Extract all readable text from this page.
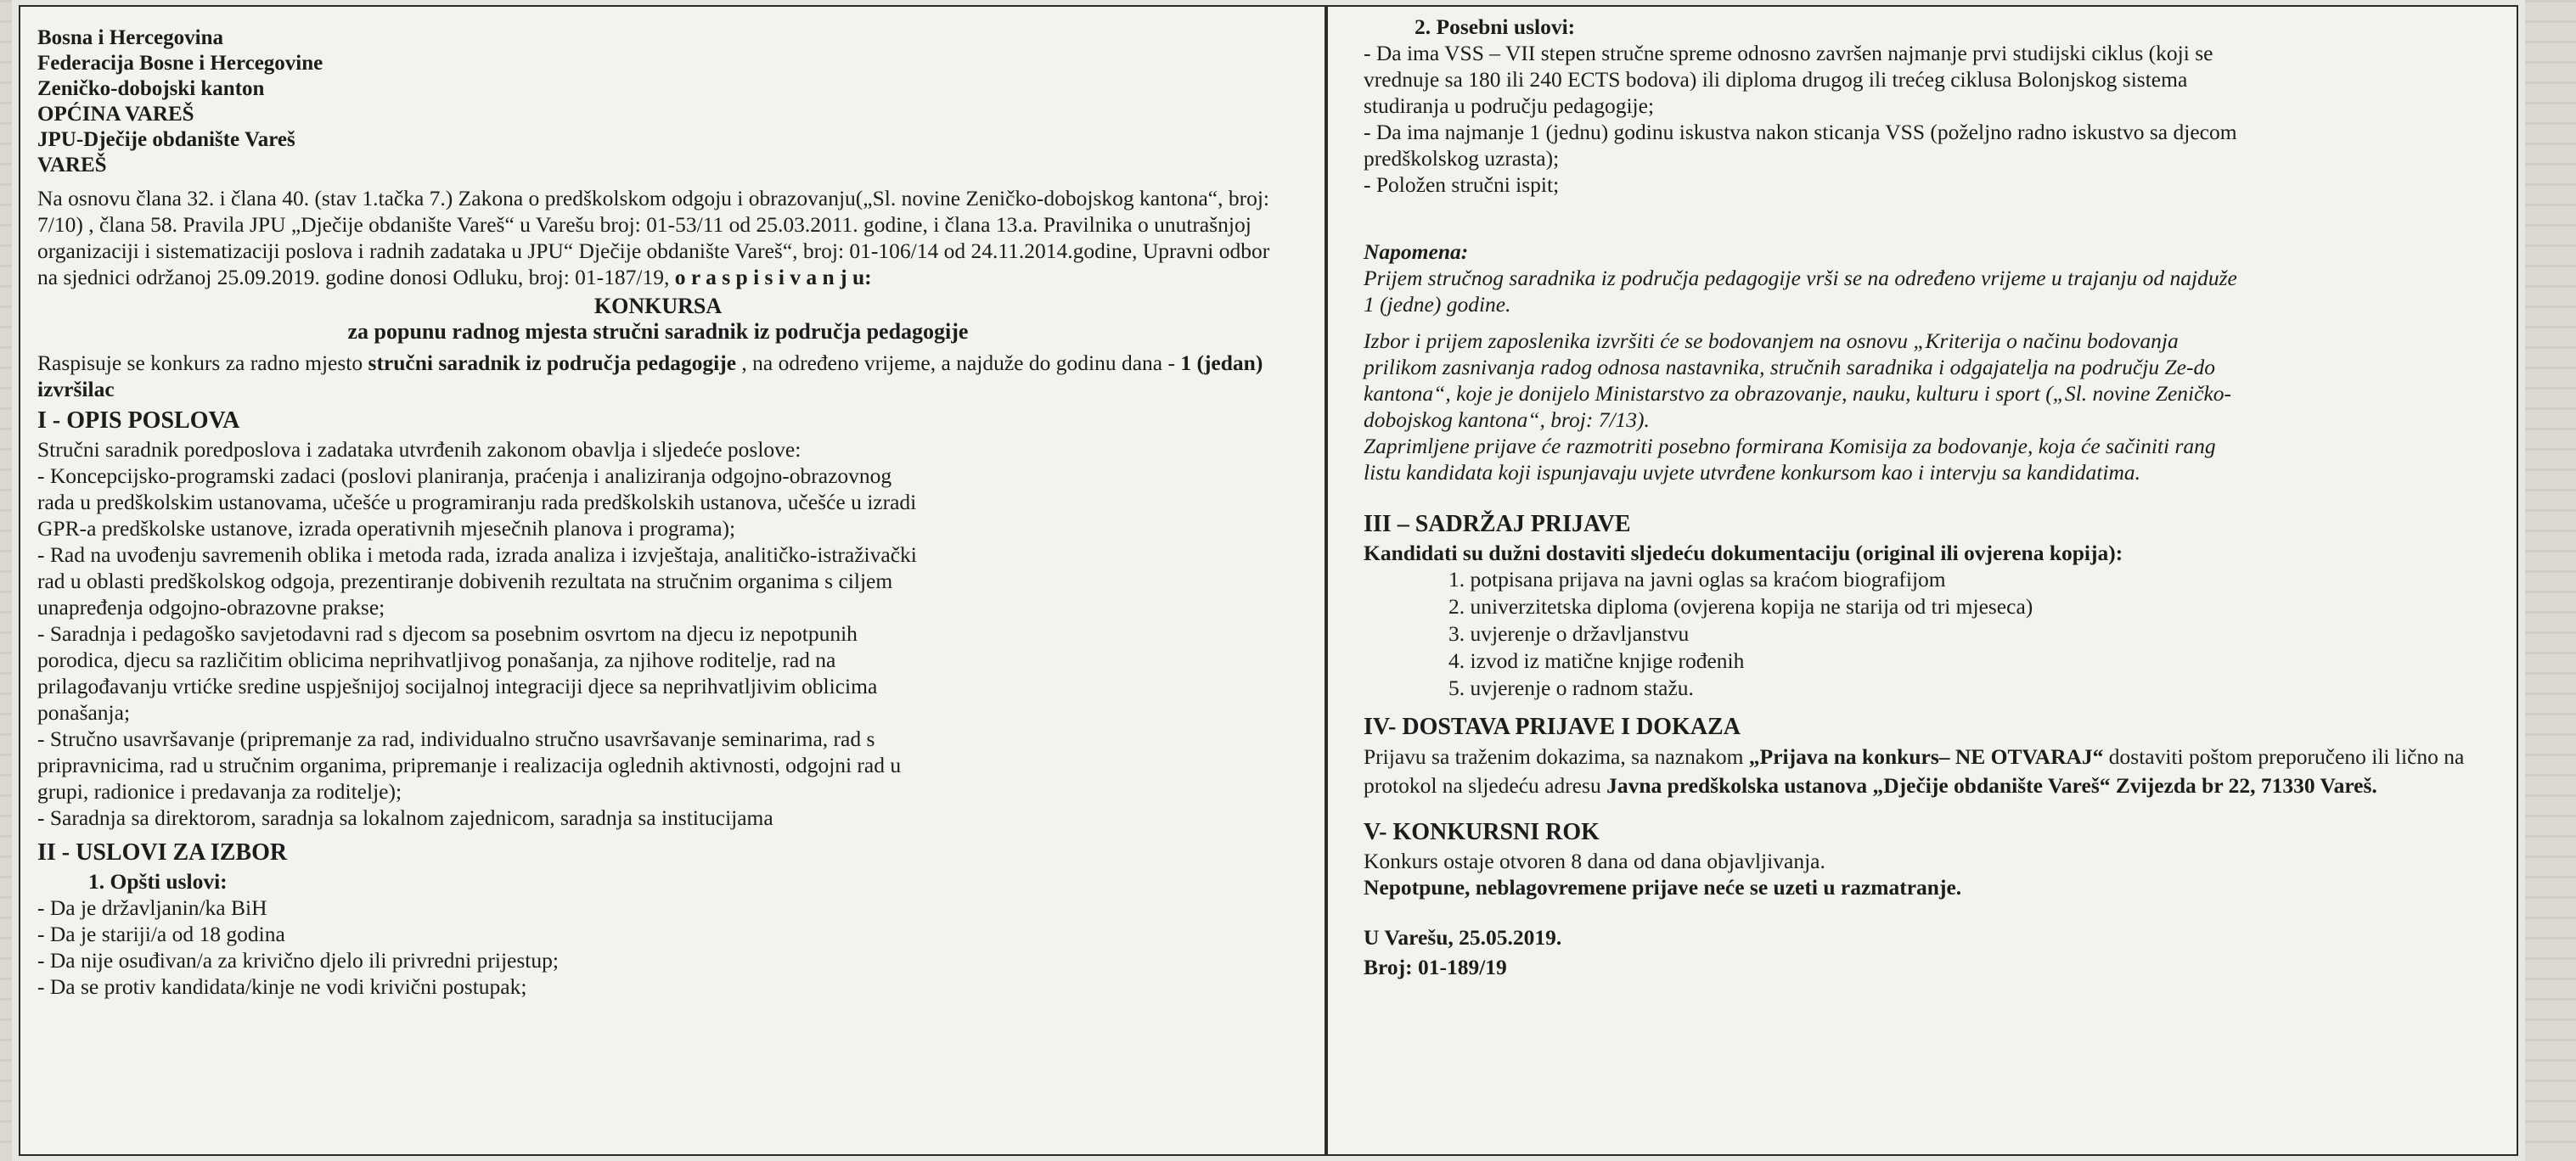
Bosna i Hercegovina

Federacija Bosne i Hercegovine

Zeničko-dobojski kanton

OPĆINA VAREŠ

JPU-Dječije obdanište Vareš

VAREŠ

Na osnovu člana 32. i člana 40. (stav 1.tačka 7.) Zakona o predškolskom odgoju i obrazovanju(„Sl. novine Zeničko-dobojskog kantona“, broj: 7/10) , člana 58. Pravila JPU „Dječije obdanište Vareš“ u Varešu broj: 01-53/11 od 25.03.2011. godine, i člana 13.a. Pravilnika o unutrašnjoj organizaciji i sistematizaciji poslova i radnih zadataka u JPU“ Dječije obdanište Vareš“, broj: 01-106/14 od 24.11.2014.godine, Upravni odbor na sjednici održanoj 25.09.2019. godine donosi Odluku, broj: 01-187/19, o r a s p i s i v a n j u:

KONKURSA

za popunu radnog mjesta stručni saradnik iz područja pedagogije

Raspisuje se konkurs za radno mjesto stručni saradnik iz područja pedagogije , na određeno vrijeme, a najduže do godinu dana - 1 (jedan) izvršilac

I - OPIS POSLOVA

Stručni saradnik poredposlova i zadataka utvrđenih zakonom obavlja i sljedeće poslove:

- Koncepcijsko-programski zadaci (poslovi planiranja, praćenja i analiziranja odgojno-obrazovnog

rada u predškolskim ustanovama, učešće u programiranju rada predškolskih ustanova, učešće u izradi

GPR-a predškolske ustanove, izrada operativnih mjesečnih planova i programa);

- Rad na uvođenju savremenih oblika i metoda rada, izrada analiza i izvještaja, analitičko-istraživački

rad u oblasti predškolskog odgoja, prezentiranje dobivenih rezultata na stručnim organima s ciljem

unapređenja odgojno-obrazovne prakse;

- Saradnja i pedagoško savjetodavni rad s djecom sa posebnim osvrtom na djecu iz nepotpunih

porodica, djecu sa različitim oblicima neprihvatljivog ponašanja, za njihove roditelje, rad na

prilagođavanju vrtićke sredine uspješnijoj socijalnoj integraciji djece sa neprihvatljivim oblicima

ponašanja;

- Stručno usavršavanje (pripremanje za rad, individualno stručno usavršavanje seminarima, rad s

pripravnicima, rad u stručnim organima, pripremanje i realizacija oglednih aktivnosti, odgojni rad u

grupi, radionice i predavanja za roditelje);

- Saradnja sa direktorom, saradnja sa lokalnom zajednicom, saradnja sa institucijama

II - USLOVI ZA IZBOR

1. Opšti uslovi:

- Da je državljanin/ka BiH

- Da je stariji/a od 18 godina

- Da nije osuđivan/a za krivično djelo ili privredni prijestup;

- Da se protiv kandidata/kinje ne vodi krivični postupak;

2. Posebni uslovi:

- Da ima VSS – VII stepen stručne spreme odnosno završen najmanje prvi studijski ciklus (koji se

vrednuje sa 180 ili 240 ECTS bodova) ili diploma drugog ili trećeg ciklusa Bolonjskog sistema

studiranja u području pedagogije;

- Da ima najmanje 1 (jednu) godinu iskustva nakon sticanja VSS (poželjno radno iskustvo sa djecom

predškolskog uzrasta);

- Položen stručni ispit;

Napomena:

Prijem stručnog saradnika iz područja pedagogije vrši se na određeno vrijeme u trajanju od najduže

1 (jedne) godine.

Izbor i prijem zaposlenika izvršiti će se bodovanjem na osnovu „Kriterija o načinu bodovanja

prilikom zasnivanja radog odnosa nastavnika, stručnih saradnika i odgajatelja na području Ze-do

kantona“, koje je donijelo Ministarstvo za obrazovanje, nauku, kulturu i sport („Sl. novine Zeničko-

dobojskog kantona“, broj: 7/13).

Zaprimljene prijave će razmotriti posebno formirana Komisija za bodovanje, koja će sačiniti rang

listu kandidata koji ispunjavaju uvjete utvrđene konkursom kao i intervju sa kandidatima.

III – SADRŽAJ PRIJAVE

Kandidati su dužni dostaviti sljedeću dokumentaciju (original ili ovjerena kopija):

1. potpisana prijava na javni oglas sa kraćom biografijom

2. univerzitetska diploma (ovjerena kopija ne starija od tri mjeseca)

3. uvjerenje o državljanstvu

4. izvod iz matične knjige rođenih

5. uvjerenje o radnom stažu.

IV- DOSTAVA PRIJAVE I DOKAZA

Prijavu sa traženim dokazima, sa naznakom „Prijava na konkurs– NE OTVARAJ“ dostaviti poštom preporučeno ili lično na protokol na sljedeću adresu Javna predškolska ustanova „Dječije obdanište Vareš“ Zvijezda br 22, 71330 Vareš.

V- KONKURSNI ROK

Konkurs ostaje otvoren 8 dana od dana objavljivanja.

Nepotpune, neblagovremene prijave neće se uzeti u razmatranje.

U Varešu, 25.05.2019.

Broj: 01-189/19
